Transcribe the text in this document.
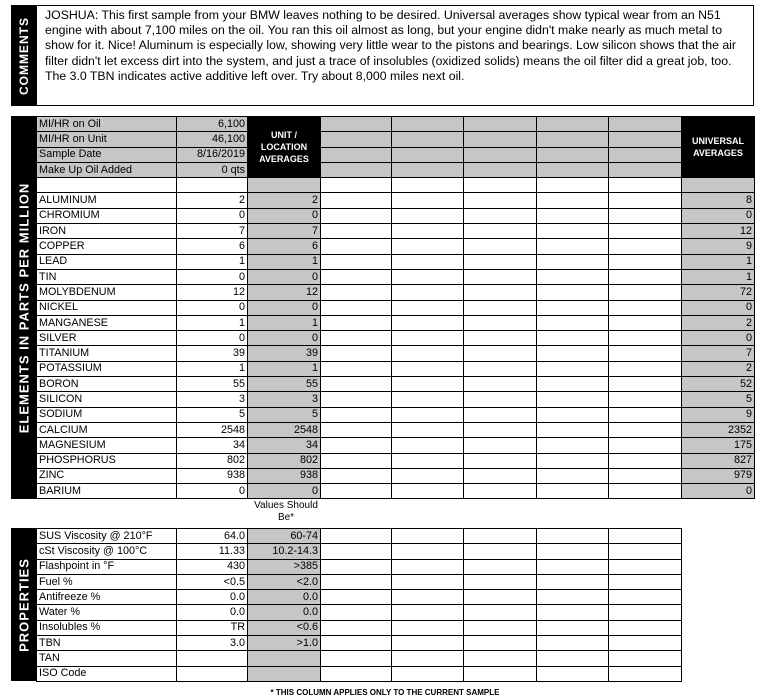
COMMENTS
JOSHUA: This first sample from your BMW leaves nothing to be desired. Universal averages show typical wear from an N51 engine with about 7,100 miles on the oil. You ran this oil almost as long, but your engine didn't make nearly as much metal to show for it. Nice! Aluminum is especially low, showing very little wear to the pistons and bearings. Low silicon shows that the air filter didn't let excess dirt into the system, and just a trace of insolubles (oxidized solids) means the oil filter did a great job, too. The 3.0 TBN indicates active additive left over. Try about 8,000 miles next oil.
ELEMENTS IN PARTS PER MILLION
MI/HR on Oil	6,100	UNIT / LOCATION AVERAGES						UNIVERSAL AVERAGES
MI/HR on Unit	46,100							
Sample Date	8/16/2019							
Make Up Oil Added	0 qts							

ALUMINUM	2	2						8
CHROMIUM	0	0						0
IRON	7	7						12
COPPER	6	6						9
LEAD	1	1						1
TIN	0	0						1
MOLYBDENUM	12	12						72
NICKEL	0	0						0
MANGANESE	1	1						2
SILVER	0	0						0
TITANIUM	39	39						7
POTASSIUM	1	1						2
BORON	55	55						52
SILICON	3	3						5
SODIUM	5	5						9
CALCIUM	2548	2548						2352
MAGNESIUM	34	34						175
PHOSPHORUS	802	802						827
ZINC	938	938						979
BARIUM	0	0						0
Values Should Be*
PROPERTIES
SUS Viscosity @ 210°F	64.0	60-74						
cSt Viscosity @ 100°C	11.33	10.2-14.3						
Flashpoint in °F	430	>385						
Fuel %	<0.5	<2.0						
Antifreeze %	0.0	0.0						
Water %	0.0	0.0						
Insolubles %	TR	<0.6						
TBN	3.0	>1.0						
TAN								
ISO Code								
* THIS COLUMN APPLIES ONLY TO THE CURRENT SAMPLE
